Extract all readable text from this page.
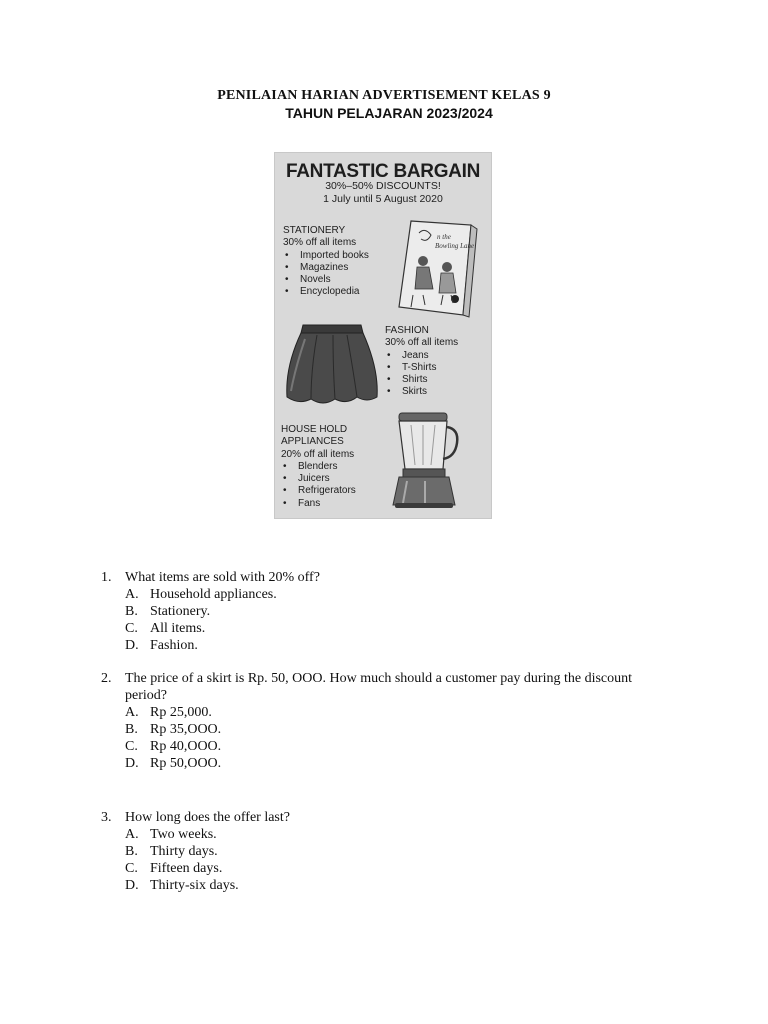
PENILAIAN HARIAN ADVERTISEMENT KELAS 9
TAHUN PELAJARAN 2023/2024
FANTASTIC BARGAIN
30%–50% DISCOUNTS!
1 July until 5 August 2020
STATIONERY
30% off all items
• Imported books
• Magazines
• Novels
• Encyclopedia
n the
Bowling Lane
FASHION
30% off all items
• Jeans
• T-Shirts
• Shirts
• Skirts
HOUSE HOLD
APPLIANCES
20% off all items
• Blenders
• Juicers
• Refrigerators
• Fans
1. What items are sold with 20% off?
A. Household appliances.
B. Stationery.
C. All items.
D. Fashion.
2. The price of a skirt is Rp. 50, OOO. How much should a customer pay during the discount period?
A. Rp 25,000.
B. Rp 35,OOO.
C. Rp 40,OOO.
D. Rp 50,OOO.
3. How long does the offer last?
A. Two weeks.
B. Thirty days.
C. Fifteen days.
D. Thirty-six days.
